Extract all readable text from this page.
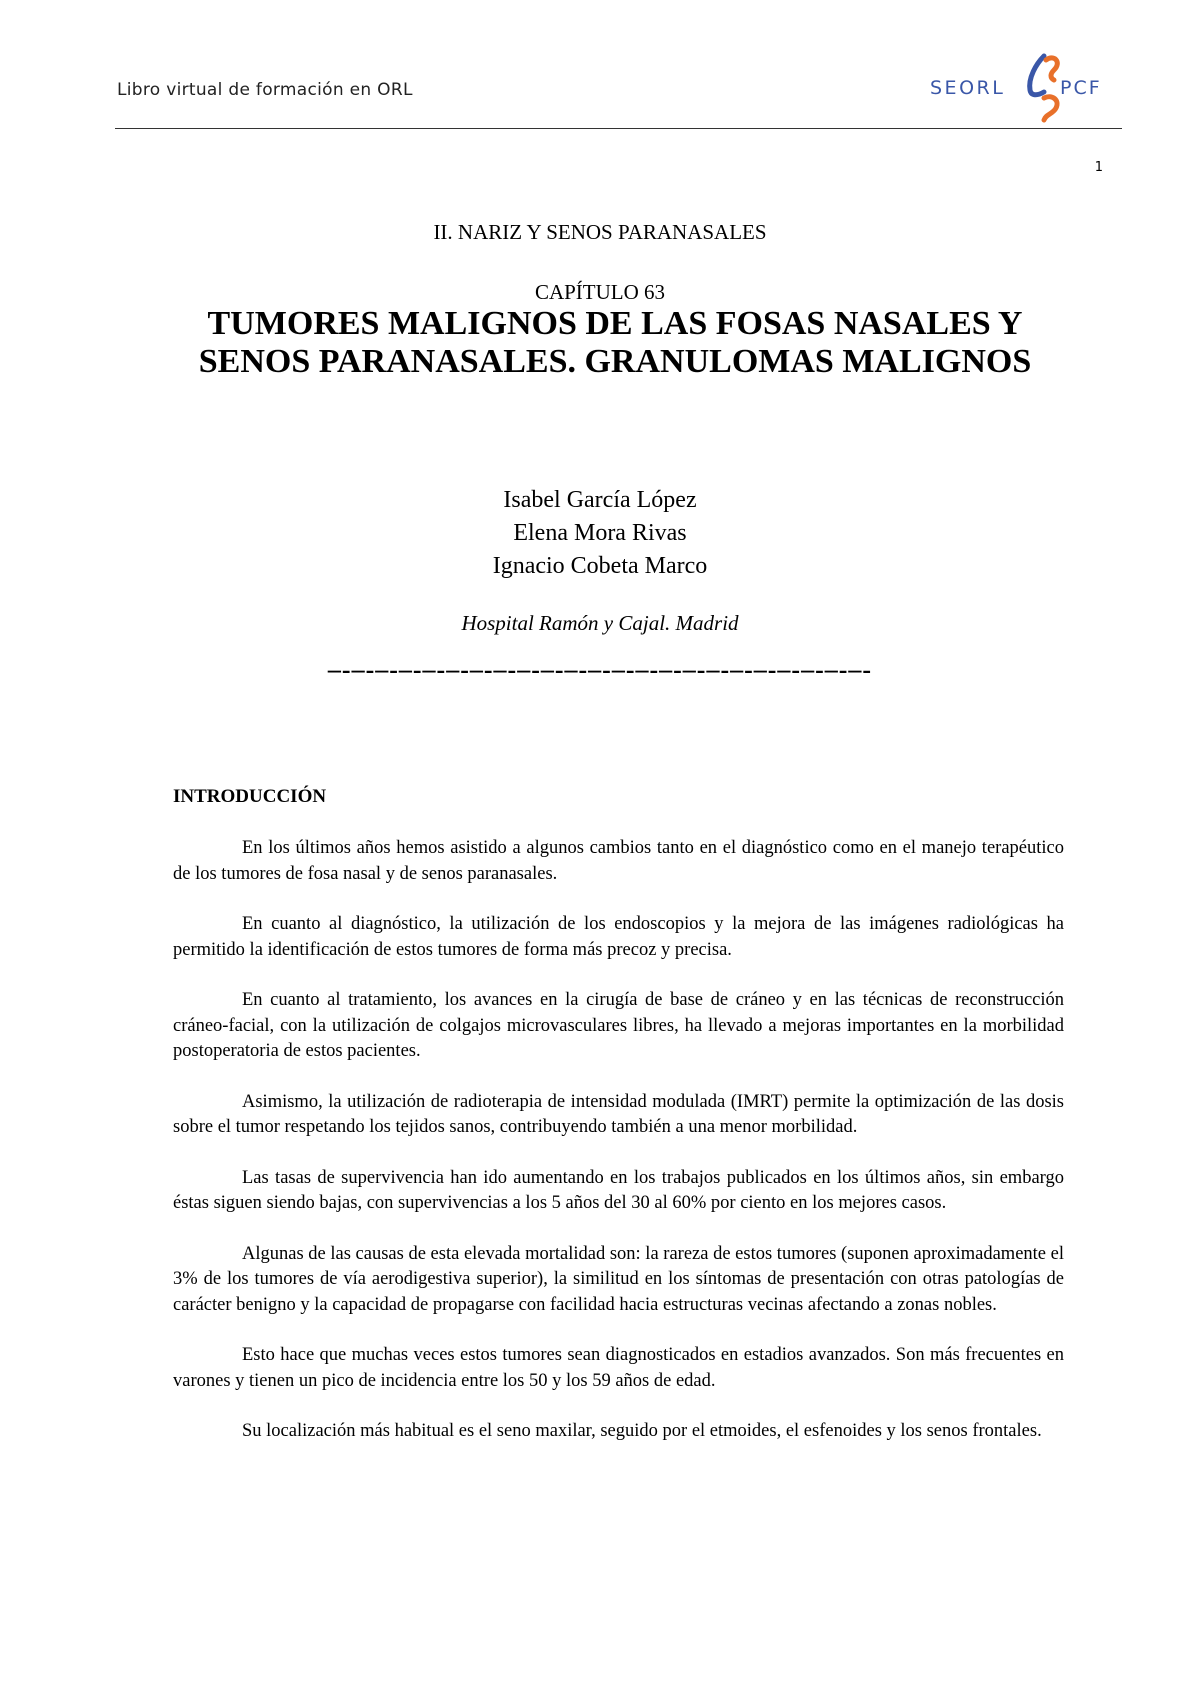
Libro virtual de formación en ORL	SEORL	PCF
1
II. NARIZ Y SENOS PARANASALES
CAPÍTULO 63
TUMORES MALIGNOS DE LAS FOSAS NASALES Y SENOS PARANASALES. GRANULOMAS MALIGNOS
Isabel García López
Elena Mora Rivas
Ignacio Cobeta Marco
Hospital Ramón y Cajal. Madrid
–-–-–-–-–-–-–-–-–-–-–-–-–-–-–-–-–-–-–-–-–-–-–-
INTRODUCCIÓN

En los últimos años hemos asistido a algunos cambios tanto en el diagnóstico como en el manejo terapéutico de los tumores de fosa nasal y de senos paranasales.

En cuanto al diagnóstico, la utilización de los endoscopios y la mejora de las imágenes radiológicas ha permitido la identificación de estos tumores de forma más precoz y precisa.

En cuanto al tratamiento, los avances en la cirugía de base de cráneo y en las técnicas de reconstrucción cráneo-facial, con la utilización de colgajos microvasculares libres, ha llevado a mejoras importantes en la morbilidad postoperatoria de estos pacientes.

Asimismo, la utilización de radioterapia de intensidad modulada (IMRT) permite la optimización de las dosis sobre el tumor respetando los tejidos sanos, contribuyendo también a una menor morbilidad.

Las tasas de supervivencia han ido aumentando en los trabajos publicados en los últimos años, sin embargo éstas siguen siendo bajas, con supervivencias a los 5 años del 30 al 60% por ciento en los mejores casos.

Algunas de las causas de esta elevada mortalidad son: la rareza de estos tumores (suponen aproximadamente el 3% de los tumores de vía aerodigestiva superior), la similitud en los síntomas de presentación con otras patologías de carácter benigno y la capacidad de propagarse con facilidad hacia estructuras vecinas afectando a zonas nobles.

Esto hace que muchas veces estos tumores sean diagnosticados en estadios avanzados. Son más frecuentes en varones y tienen un pico de incidencia entre los 50 y los 59 años de edad.

Su localización más habitual es el seno maxilar, seguido por el etmoides, el esfenoides y los senos frontales.
